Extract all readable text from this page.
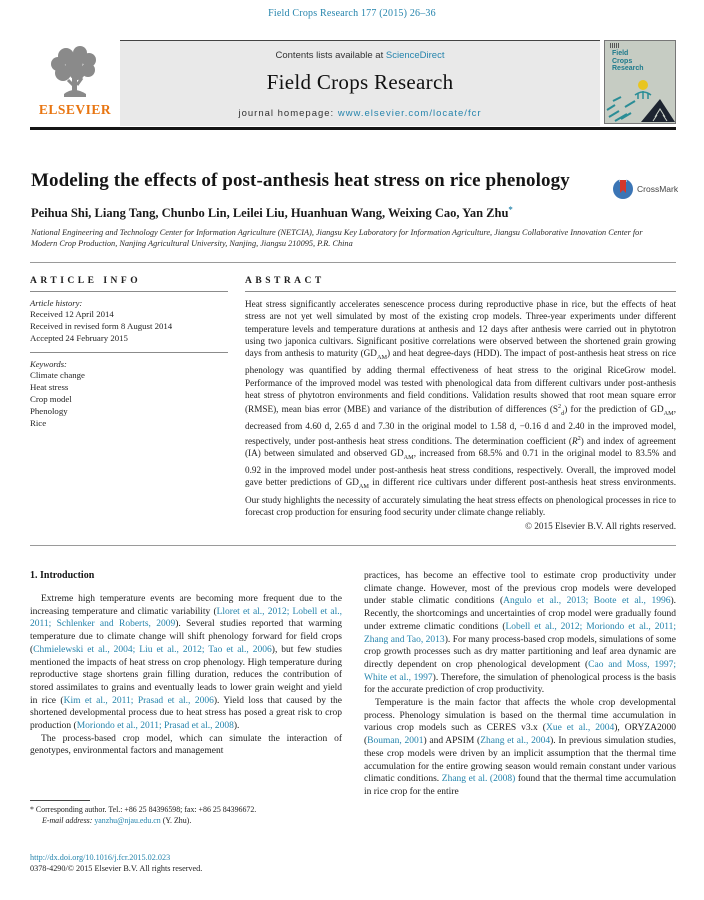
Field Crops Research 177 (2015) 26–36
ELSEVIER
Contents lists available at ScienceDirect
Field Crops Research
journal homepage: www.elsevier.com/locate/fcr
Field
Crops
Research
Modeling the effects of post-anthesis heat stress on rice phenology	CrossMark
Peihua Shi, Liang Tang, Chunbo Lin, Leilei Liu, Huanhuan Wang, Weixing Cao, Yan Zhu*
National Engineering and Technology Center for Information Agriculture (NETCIA), Jiangsu Key Laboratory for Information Agriculture, Jiangsu Collaborative Innovation Center for Modern Crop Production, Nanjing Agricultural University, Nanjing, Jiangsu 210095, P.R. China
ARTICLE INFO
Article history:
Received 12 April 2014
Received in revised form 8 August 2014
Accepted 24 February 2015
Keywords:
Climate change
Heat stress
Crop model
Phenology
Rice
ABSTRACT

Heat stress significantly accelerates senescence process during reproductive phase in rice, but the effects of heat stress are not yet well simulated by most of the existing crop models. Three-year experiments under different temperature levels and temperature durations at anthesis and 12 days after anthesis were carried out in phytotron using two japonica cultivars. Significant positive correlations were observed between the shortened grain growing days from anthesis to maturity $(GD_{AM})$ and heat degree-days (HDD). The impact of post-anthesis heat stress on rice phenology was quantified by adding thermal effectiveness of heat stress to the original RiceGrow model. Performance of the improved model was tested with phenological data from different cultivars under post-anthesis heat stress of phytotron environments and field conditions. Validation results showed that root mean square error (RMSE), mean bias error (MBE) and variance of the distribution of differences $(S^2_d)$ for the prediction of $GD_{AM}$, decreased from 4.60 d, 2.65 d and 7.30 in the original model to 1.58 d, −0.16 d and 2.40 in the improved model, respectively, under post-anthesis heat stress conditions. The determination coefficient $(R^2)$ and index of agreement (IA) between simulated and observed $GD_{AM}$, increased from 68.5% and 0.71 in the original model to 83.5% and 0.92 in the improved model under post-anthesis heat stress conditions, respectively. Overall, the improved model gave better predictions of $GD_{AM}$ in different rice cultivars under different post-anthesis heat stress environments. Our study highlights the necessity of accurately simulating the heat stress effects on phenological processes in rice to forecast crop production for ensuring food security under climate change reliably.

© 2015 Elsevier B.V. All rights reserved.
1. Introduction

Extreme high temperature events are becoming more frequent due to the increasing temperature and climatic variability (Lloret et al., 2012; Lobell et al., 2011; Schlenker and Roberts, 2009). Several studies reported that warming temperature due to climate change will shift phenology forward for field crops (Chmielewski et al., 2004; Liu et al., 2012; Tao et al., 2006), but few studies mentioned the impacts of heat stress on crop phenology. High temperature during reproductive stage shortens grain filling duration, reduces the contribution of stored assimilates to grains and eventually leads to lower grain weight and yield in rice (Kim et al., 2011; Prasad et al., 2006). Yield loss that caused by the shortened developmental process due to heat stress has posed a great risk to crop production (Moriondo et al., 2011; Prasad et al., 2008).

The process-based crop model, which can simulate the interaction of genotypes, environmental factors and management

practices, has become an effective tool to estimate crop productivity under climate change. However, most of the previous crop models were developed under stable climatic conditions (Angulo et al., 2013; Boote et al., 1996). Recently, the shortcomings and uncertainties of crop model were gradually found under extreme climatic conditions (Lobell et al., 2012; Moriondo et al., 2011; Zhang and Tao, 2013). For many process-based crop models, simulations of some crop growth processes such as dry matter partitioning and leaf area dynamic are directly dependent on crop phenological development (Cao and Moss, 1997; White et al., 1997). Therefore, the simulation of phenological process is the basis for the accurate prediction of crop productivity.

Temperature is the main factor that affects the whole crop developmental process. Phenology simulation is based on the thermal time accumulation in various crop models such as CERES v3.x (Xue et al., 2004), ORYZA2000 (Bouman, 2001) and APSIM (Zhang et al., 2004). In previous simulation studies, these crop models were driven by an implicit assumption that the thermal time accumulation for the entire growing season would remain constant under various climatic conditions. Zhang et al. (2008) found that the thermal time accumulation in rice crop for the entire

* Corresponding author. Tel.: +86 25 84396598; fax: +86 25 84396672.
E-mail address: yanzhu@njau.edu.cn (Y. Zhu).
http://dx.doi.org/10.1016/j.fcr.2015.02.023
0378-4290/© 2015 Elsevier B.V. All rights reserved.
